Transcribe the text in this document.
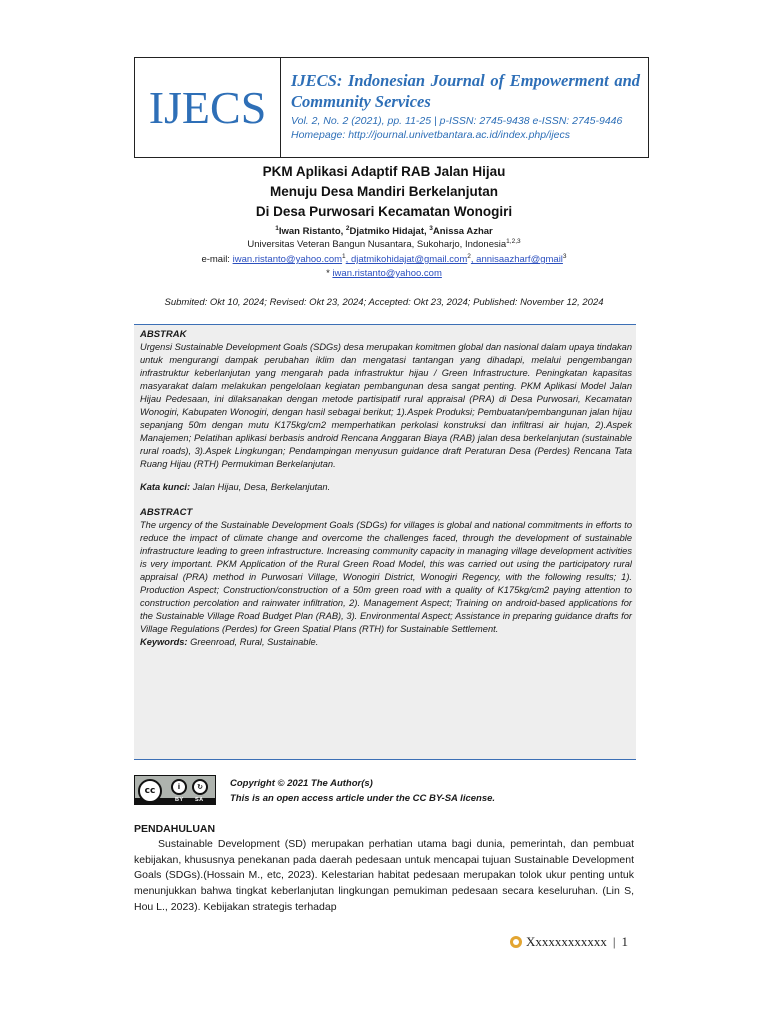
IJECS
IJECS: Indonesian Journal of Empowerment and Community Services
Vol. 2, No. 2 (2021), pp. 11-25 | p-ISSN: 2745-9438 e-ISSN: 2745-9446
Homepage: http://journal.univetbantara.ac.id/index.php/ijecs
PKM Aplikasi Adaptif RAB Jalan Hijau
Menuju Desa Mandiri Berkelanjutan
Di Desa Purwosari Kecamatan Wonogiri
$^1$Iwan Ristanto, $^2$Djatmiko Hidajat, $^3$Anissa Azhar
Universitas Veteran Bangun Nusantara, Sukoharjo, Indonesia$^{1,2,3}$
e-mail: iwan.ristanto@yahoo.com$^1$, djatmikohidajat@gmail.com$^2$, annisaazharf@gmail$^3$
* iwan.ristanto@yahoo.com
Submited: Okt 10, 2024; Revised: Okt 23, 2024; Accepted: Okt 23, 2024; Published: November 12, 2024
ABSTRAK
Urgensi Sustainable Development Goals (SDGs) desa merupakan komitmen global dan nasional dalam upaya tindakan untuk mengurangi dampak perubahan iklim dan mengatasi tantangan yang dihadapi, melalui pengembangan infrastruktur keberlanjutan yang mengarah pada infrastruktur hijau / Green Infrastructure. Peningkatan kapasitas masyarakat dalam melakukan pengelolaan kegiatan pembangunan desa sangat penting. PKM Aplikasi Model Jalan Hijau Pedesaan, ini dilaksanakan dengan metode partisipatif rural appraisal (PRA) di Desa Purwosari, Kecamatan Wonogiri, Kabupaten Wonogiri, dengan hasil sebagai berikut; 1).Aspek Produksi; Pembuatan/pembangunan jalan hijau sepanjang 50m dengan mutu K175kg/cm2 memperhatikan perkolasi konstruksi dan infiltrasi air hujan, 2).Aspek Manajemen; Pelatihan aplikasi berbasis android Rencana Anggaran Biaya (RAB) jalan desa berkelanjutan (sustainable rural roads), 3).Aspek Lingkungan; Pendampingan menyusun guidance draft Peraturan Desa (Perdes) Rencana Tata Ruang Hijau (RTH) Permukiman Berkelanjutan.
Kata kunci: Jalan Hijau, Desa, Berkelanjutan.
ABSTRACT
The urgency of the Sustainable Development Goals (SDGs) for villages is global and national commitments in efforts to reduce the impact of climate change and overcome the challenges faced, through the development of sustainable infrastructure leading to green infrastructure. Increasing community capacity in managing village development activities is very important. PKM Application of the Rural Green Road Model, this was carried out using the participatory rural appraisal (PRA) method in Purwosari Village, Wonogiri District, Wonogiri Regency, with the following results; 1). Production Aspect; Construction/construction of a 50m green road with a quality of K175kg/cm2 paying attention to construction percolation and rainwater infiltration, 2). Management Aspect; Training on android-based applications for the Sustainable Village Road Budget Plan (RAB), 3). Environmental Aspect; Assistance in preparing guidance drafts for Village Regulations (Perdes) for Green Spatial Plans (RTH) for Sustainable Settlement.
Keywords: Greenroad, Rural, Sustainable.
cc	i	↻
BY SA
Copyright © 2021 The Author(s)
This is an open access article under the CC BY-SA license.
PENDAHULUAN
Sustainable Development (SD) merupakan perhatian utama bagi dunia, pemerintah, dan pembuat kebijakan, khususnya penekanan pada daerah pedesaan untuk mencapai tujuan Sustainable Development Goals (SDGs).(Hossain M., etc, 2023). Kelestarian habitat pedesaan merupakan tolok ukur penting untuk menunjukkan bahwa tingkat keberlanjutan lingkungan pemukiman pedesaan secara keseluruhan. (Lin S, Hou L., 2023). Kebijakan strategis terhadap
Xxxxxxxxxxxx | 1
